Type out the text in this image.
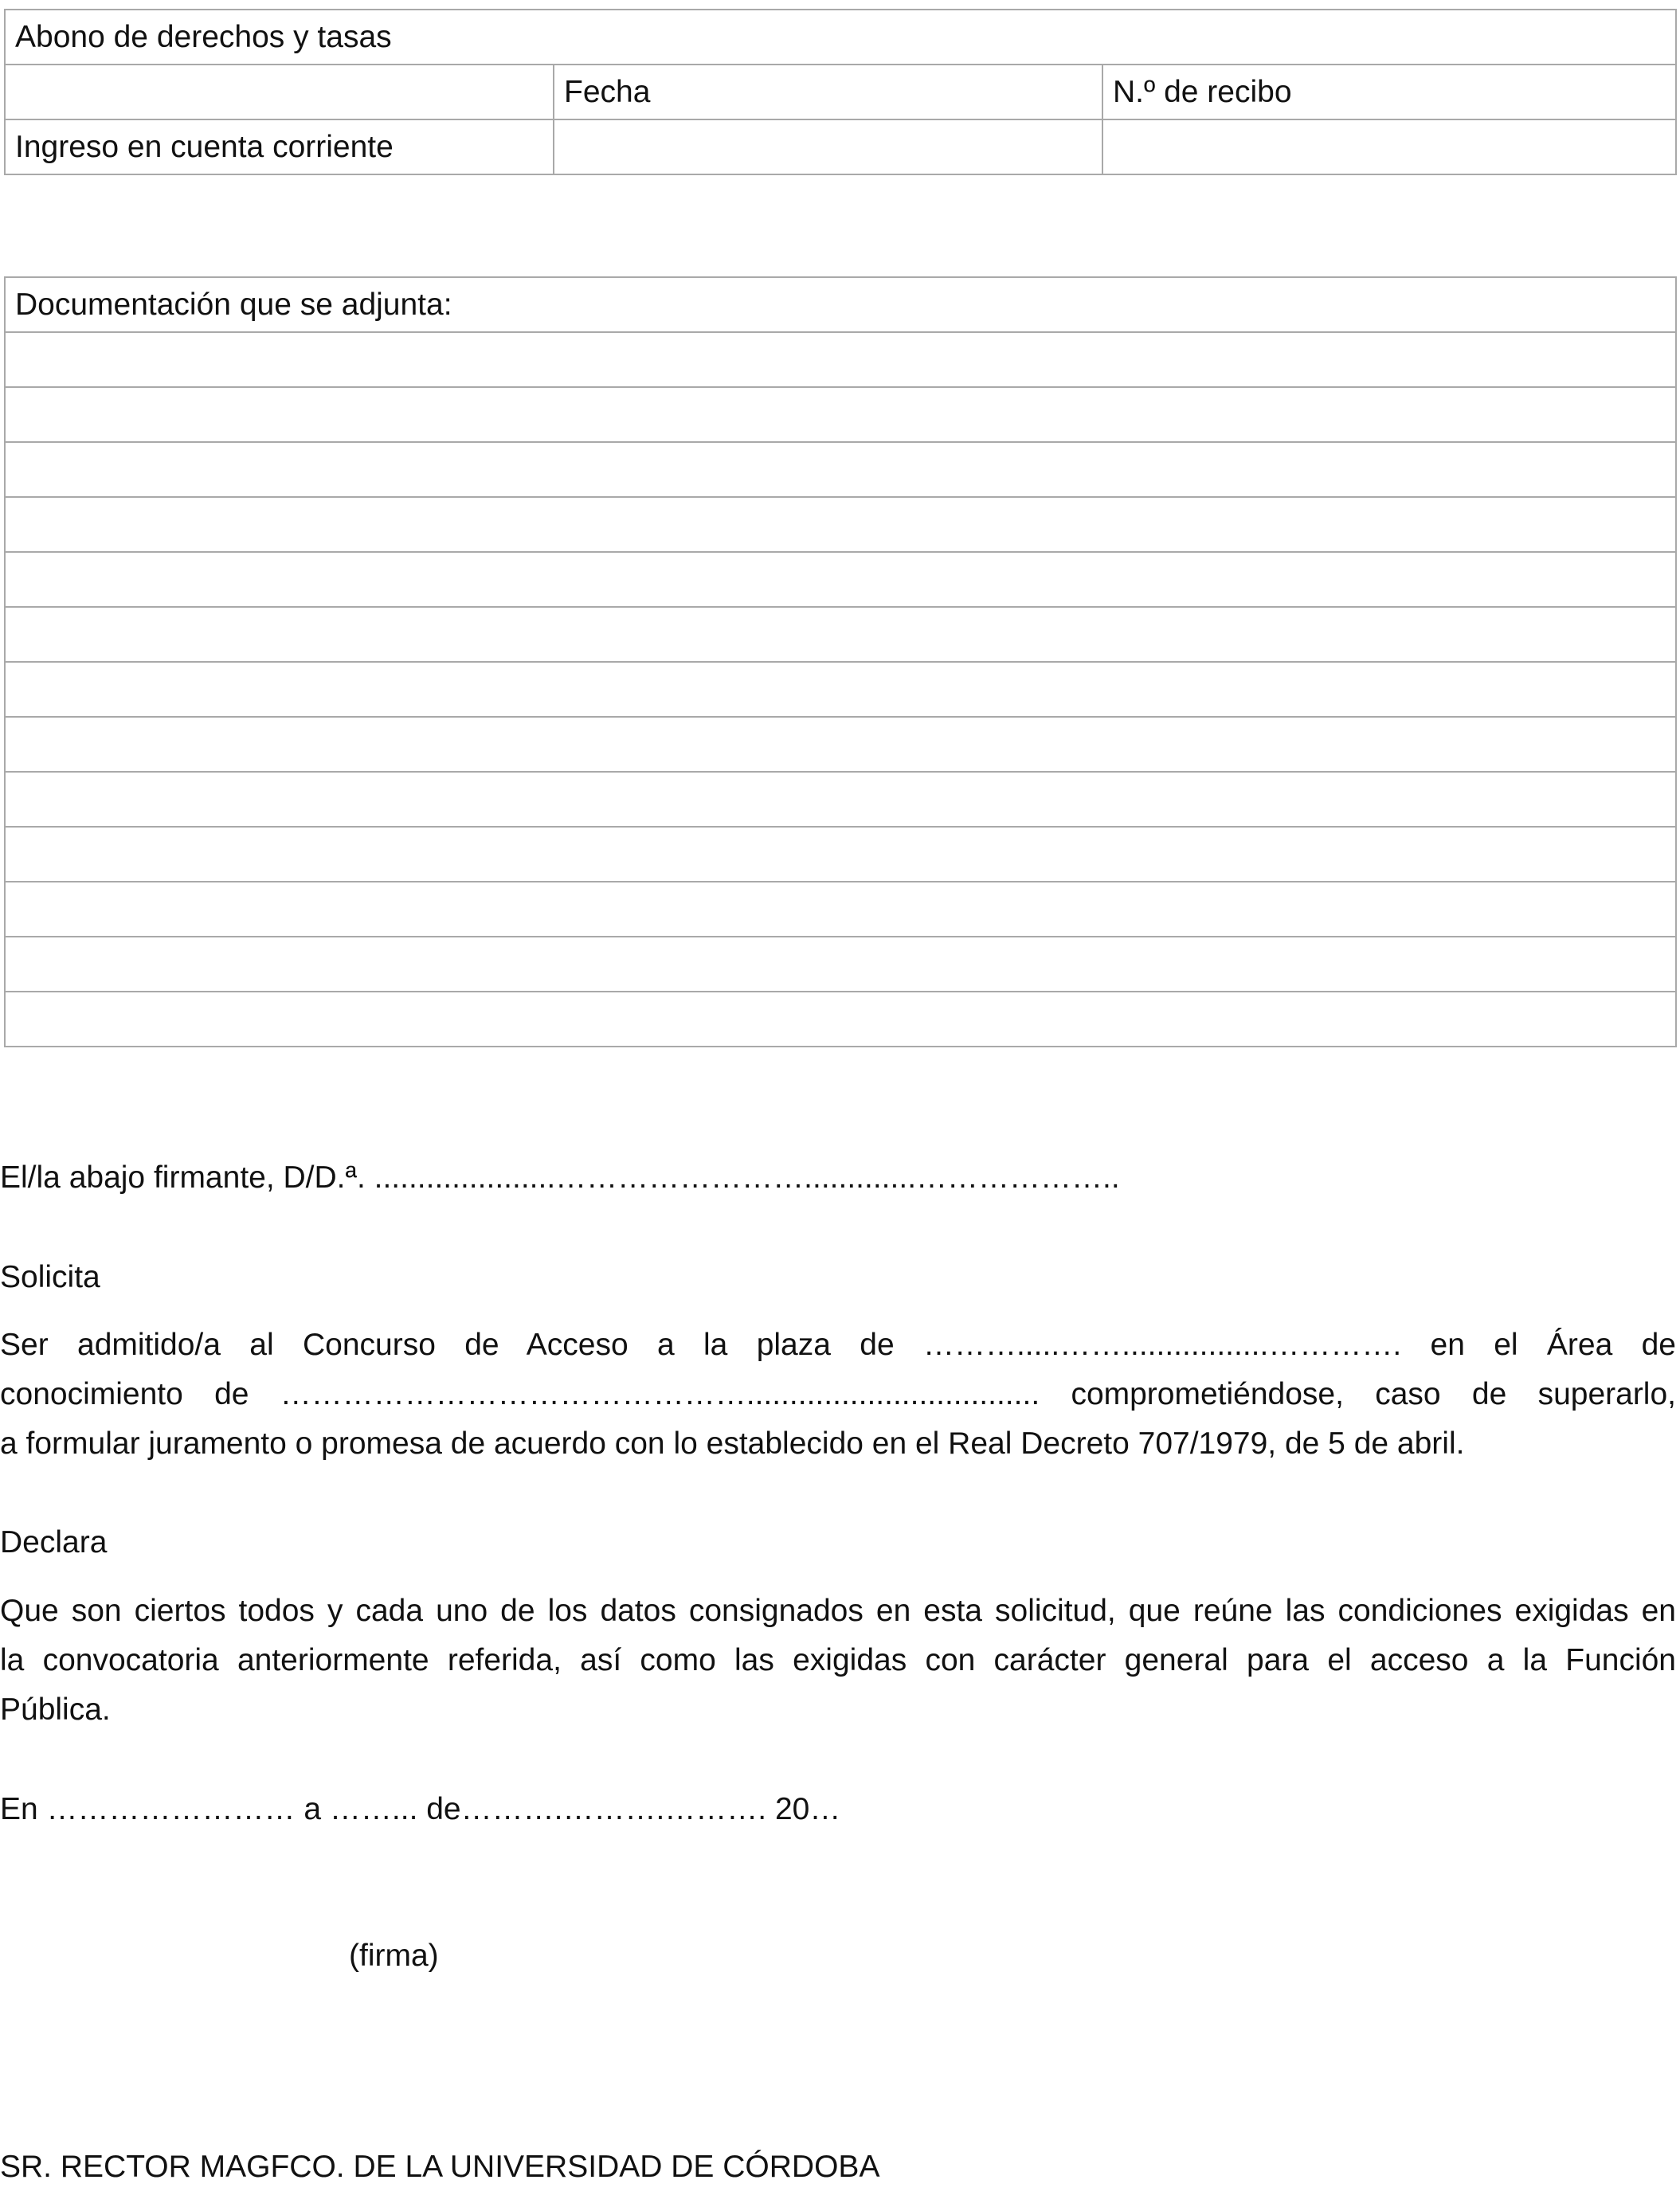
Abono de derechos y tasas		
	Fecha	N.º de recibo
Ingreso en cuenta corriente		
Documentación que se adjunta:

El/la abajo firmante, D/D.ª. .....................…………………….............………………..
Solicita
Ser admitido/a al Concurso de Acceso a la plaza de ……….....…….................…………. en el Área de
conocimiento de ……………………………………….................................. comprometiéndose, caso de superarlo,
a formular juramento o promesa de acuerdo con lo establecido en el Real Decreto 707/1979, de 5 de abril.
Declara
Que son ciertos todos y cada uno de los datos consignados en esta solicitud, que reúne las condiciones exigidas en
la convocatoria anteriormente referida, así como las exigidas con carácter general para el acceso a la Función
Pública.
En …………………… a ……... de……….……….………. 20…
(firma)
SR. RECTOR MAGFCO. DE LA UNIVERSIDAD DE CÓRDOBA
